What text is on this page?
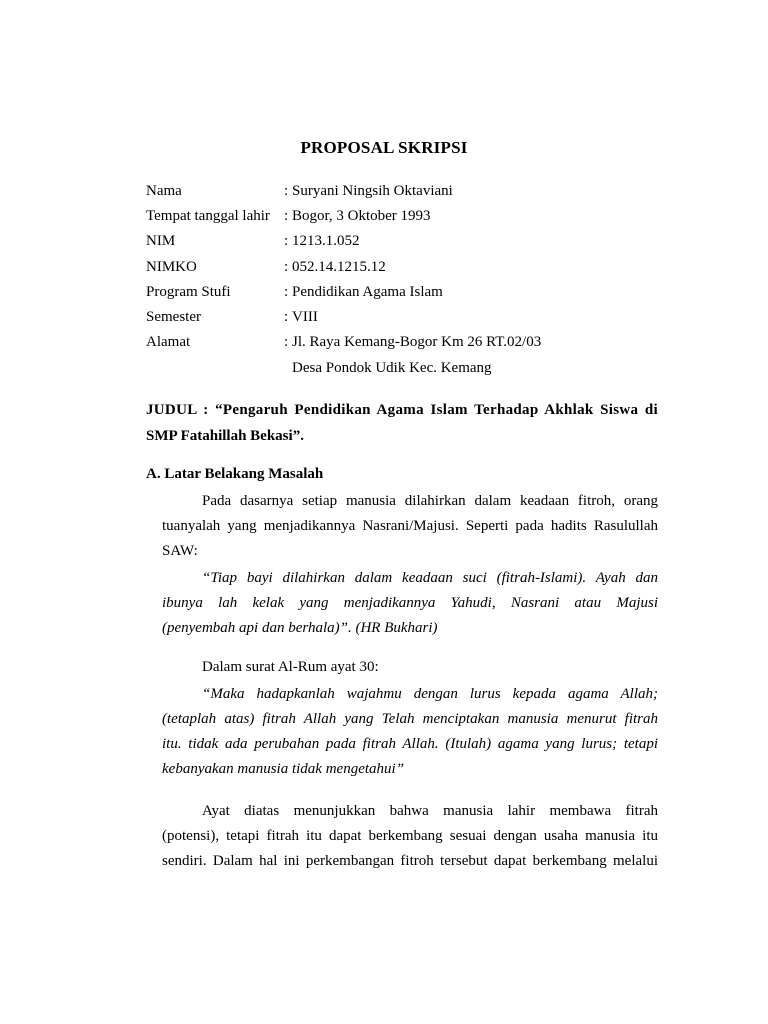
PROPOSAL SKRIPSI
Nama	: Suryani Ningsih Oktaviani
Tempat tanggal lahir : Bogor, 3 Oktober 1993
NIM	: 1213.1.052
NIMKO	: 052.14.1215.12
Program Stufi	: Pendidikan Agama Islam
Semester	: VIII
Alamat	: Jl. Raya Kemang-Bogor Km 26 RT.02/03
Desa Pondok Udik Kec. Kemang
JUDUL : “Pengaruh Pendidikan Agama Islam Terhadap Akhlak Siswa di
SMP Fatahillah Bekasi”.
A. Latar Belakang Masalah
Pada dasarnya setiap manusia dilahirkan dalam keadaan fitroh, orang
tuanyalah yang menjadikannya Nasrani/Majusi. Seperti pada hadits Rasulullah
SAW:
“Tiap bayi dilahirkan dalam keadaan suci (fitrah-Islami). Ayah dan
ibunya lah kelak yang menjadikannya Yahudi, Nasrani atau Majusi
(penyembah api dan berhala)”. (HR Bukhari)
Dalam surat Al-Rum ayat 30:
“Maka hadapkanlah wajahmu dengan lurus kepada agama Allah;
(tetaplah atas) fitrah Allah yang Telah menciptakan manusia menurut fitrah
itu. tidak ada perubahan pada fitrah Allah. (Itulah) agama yang lurus; tetapi
kebanyakan manusia tidak mengetahui”
Ayat diatas menunjukkan bahwa manusia lahir membawa fitrah
(potensi), tetapi fitrah itu dapat berkembang sesuai dengan usaha manusia itu
sendiri. Dalam hal ini perkembangan fitroh tersebut dapat berkembang melalui
